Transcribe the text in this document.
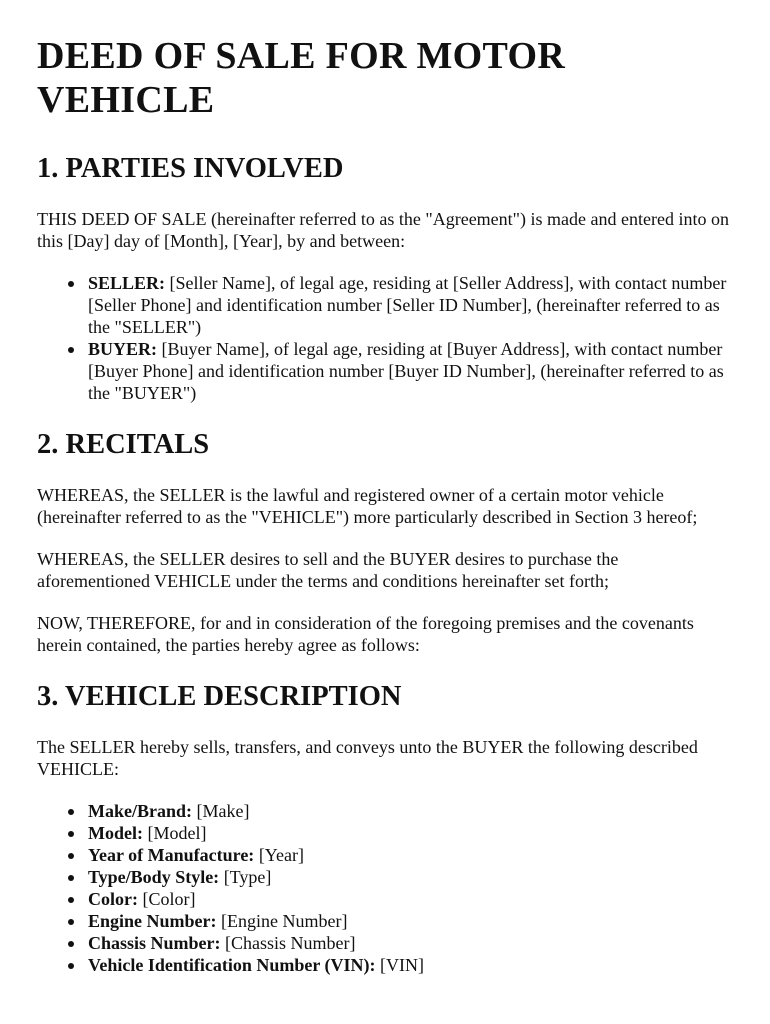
DEED OF SALE FOR MOTOR VEHICLE
1. PARTIES INVOLVED

THIS DEED OF SALE (hereinafter referred to as the "Agreement") is made and entered into on this [Day] day of [Month], [Year], by and between:

SELLER: [Seller Name], of legal age, residing at [Seller Address], with contact number [Seller Phone] and identification number [Seller ID Number], (hereinafter referred to as the "SELLER")
BUYER: [Buyer Name], of legal age, residing at [Buyer Address], with contact number [Buyer Phone] and identification number [Buyer ID Number], (hereinafter referred to as the "BUYER")
2. RECITALS

WHEREAS, the SELLER is the lawful and registered owner of a certain motor vehicle (hereinafter referred to as the "VEHICLE") more particularly described in Section 3 hereof;

WHEREAS, the SELLER desires to sell and the BUYER desires to purchase the aforementioned VEHICLE under the terms and conditions hereinafter set forth;

NOW, THEREFORE, for and in consideration of the foregoing premises and the covenants herein contained, the parties hereby agree as follows:

3. VEHICLE DESCRIPTION

The SELLER hereby sells, transfers, and conveys unto the BUYER the following described VEHICLE:

Make/Brand: [Make]
Model: [Model]
Year of Manufacture: [Year]
Type/Body Style: [Type]
Color: [Color]
Engine Number: [Engine Number]
Chassis Number: [Chassis Number]
Vehicle Identification Number (VIN): [VIN]
